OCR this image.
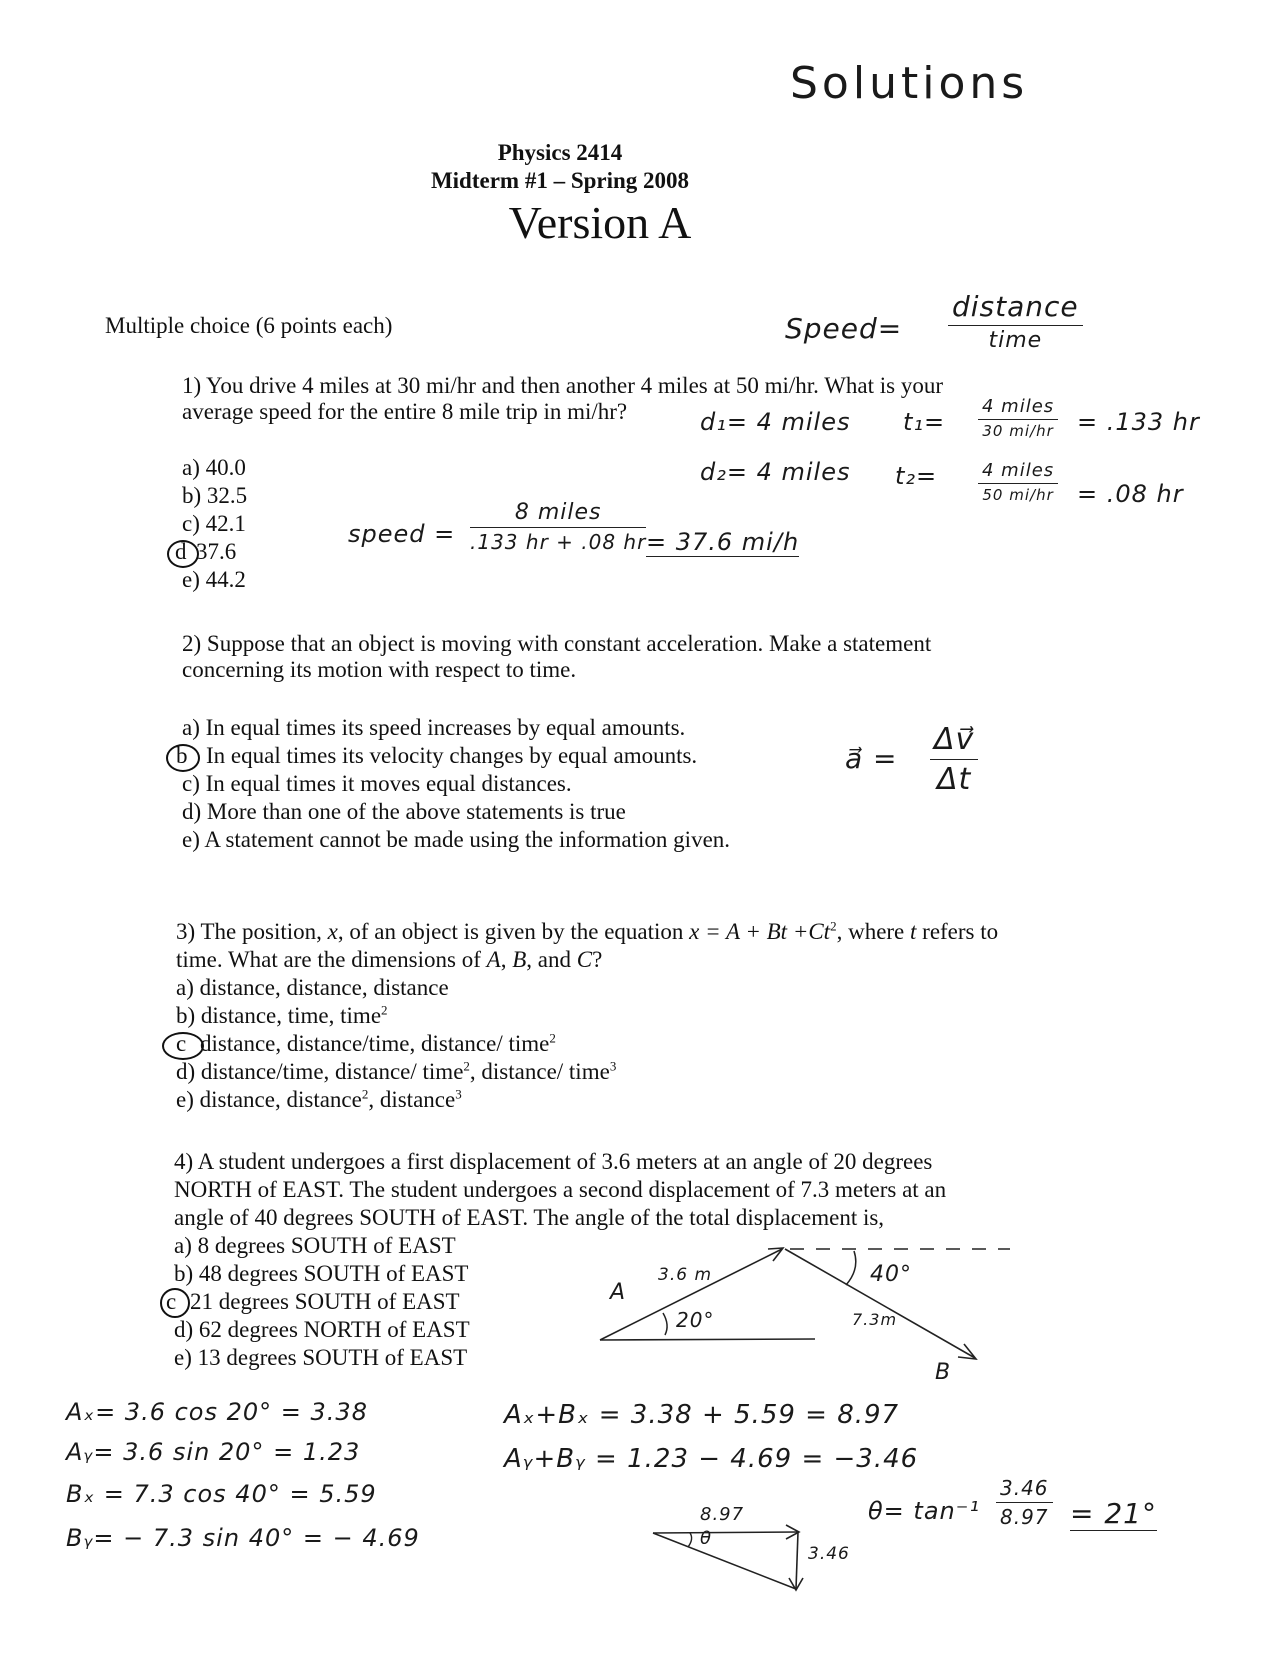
Solutions
Physics 2414
Midterm #1 – Spring 2008
Version A
Multiple choice (6 points each)	Speed=
distance
time
1) You drive 4 miles at 30 mi/hr and then another 4 miles at 50 mi/hr. What is your
average speed for the entire 8 mile trip in mi/hr?
a) 40.0
b) 32.5
c) 42.1
d 37.6
e) 44.2
d₁= 4 miles t₁=
4 miles
30 mi/hr = .133 hr
d₂= 4 miles t₂= 4 miles
50 mi/hr = .08 hr
speed =
8 miles
.133 hr + .08 hr = 37.6 mi/h
2) Suppose that an object is moving with constant acceleration. Make a statement
concerning its motion with respect to time.
a) In equal times its speed increases by equal amounts.
b In equal times its velocity changes by equal amounts.
c) In equal times it moves equal distances.
d) More than one of the above statements is true
e) A statement cannot be made using the information given.
a⃗ = $\frac{\Delta v⃗}{\Delta t}$
3) The position, x, of an object is given by the equation $x = A + Bt +Ct^2$, where t refers to
time. What are the dimensions of A, B, and C?
a) distance, distance, distance
b) distance, time, time$^2$
c distance, distance/time, distance/ time$^2$
d) distance/time, distance/ time$^2$, distance/ time$^3$
e) distance, distance$^2$, distance$^3$
4) A student undergoes a first displacement of 3.6 meters at an angle of 20 degrees
NORTH of EAST. The student undergoes a second displacement of 7.3 meters at an
angle of 40 degrees SOUTH of EAST. The angle of the total displacement is,
a) 8 degrees SOUTH of EAST
b) 48 degrees SOUTH of EAST
c 21 degrees SOUTH of EAST
d) 62 degrees NORTH of EAST
e) 13 degrees SOUTH of EAST
A
B
3.6 m
7.3m
20°
40°
Aₓ= 3.6 cos 20° = 3.38
Aᵧ= 3.6 sin 20° = 1.23
Bₓ = 7.3 cos 40° = 5.59
Bᵧ= − 7.3 sin 40° = − 4.69
Aₓ+Bₓ = 3.38 + 5.59 = 8.97
Aᵧ+Bᵧ = 1.23 − 4.69 = −3.46
$\theta= \tan^{-1} \frac{3.46}{8.97} = 21^\circ$
8.97
3.46
θ
